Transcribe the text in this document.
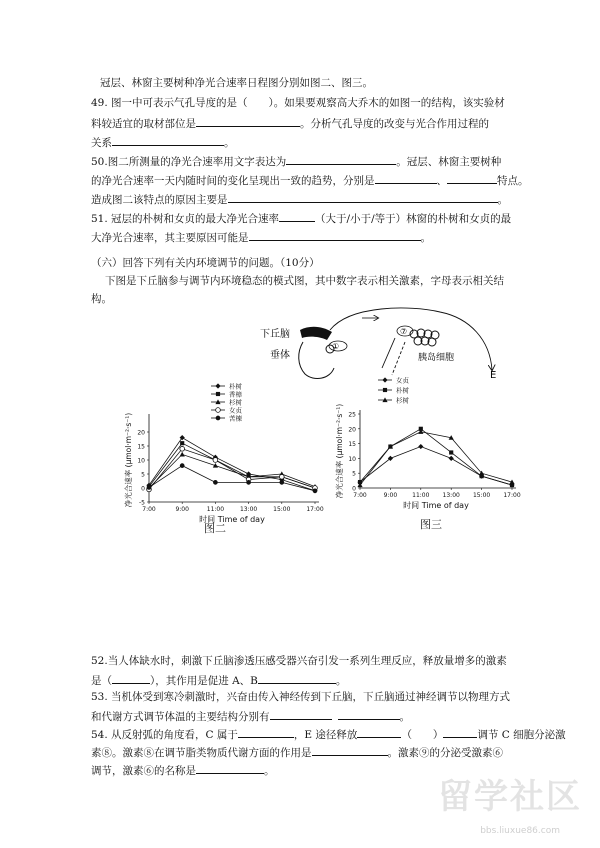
冠层、林窗主要树种净光合速率日程图分别如图二、图三。
49. 图一中可表示气孔导度的是（　　）。如果要观察高大乔木的如图一的结构，该实验材
料较适宜的取材部位是	。分析气孔导度的改变与光合作用过程的
关系	。
50.图二所测量的净光合速率用文字表达为	。冠层、林窗主要树种
的净光合速率一天内随时间的变化呈现出一致的趋势，分别是	、	特点。
造成图二该特点的原因主要是	。
51. 冠层的朴树和女贞的最大净光合速率	（大于/小于/等于）林窗的朴树和女贞的最
大净光合速率，其主要原因可能是	。
（六）回答下列有关内环境调节的问题。（10分）
下图是下丘脑参与调节内环境稳态的模式图，其中数字表示相关激素，字母表示相关结
构。
下丘脑
垂体
①
⑦
胰岛细胞
E
-5
0
5
10
15
20
7:00	9:00	11:00	13:00	15:00	17:00
朴树
香樟
杉树
女贞
苦楝
净光合速率 (μmol·m⁻²·s⁻¹)
时间 Time of day
图二
0
5
10
15
20
25
7:00	9:00	11:00 13:00 15:00 17:00
女贞
朴树
杉树
净光合速率 (μmol·m⁻²·s⁻¹)
时间 Time of day
图三
52.当人体缺水时，刺激下丘脑渗透压感受器兴奋引发一系列生理反应，释放量增多的激素
是（	），其作用是促进 A、B	。
53. 当机体受到寒冷刺激时，兴奋由传入神经传到下丘脑，下丘脑通过神经调节以物理方式
和代谢方式调节体温的主要结构分别有	。
54. 从反射弧的角度看，C 属于	，E 途径释放	（　　）	调节 C 细胞分泌激
素⑧。激素⑧在调节脂类物质代谢方面的作用是	。激素⑨的分泌受激素⑥
调节，激素⑥的名称是	。
留学社区
bbs.liuxue86.com
